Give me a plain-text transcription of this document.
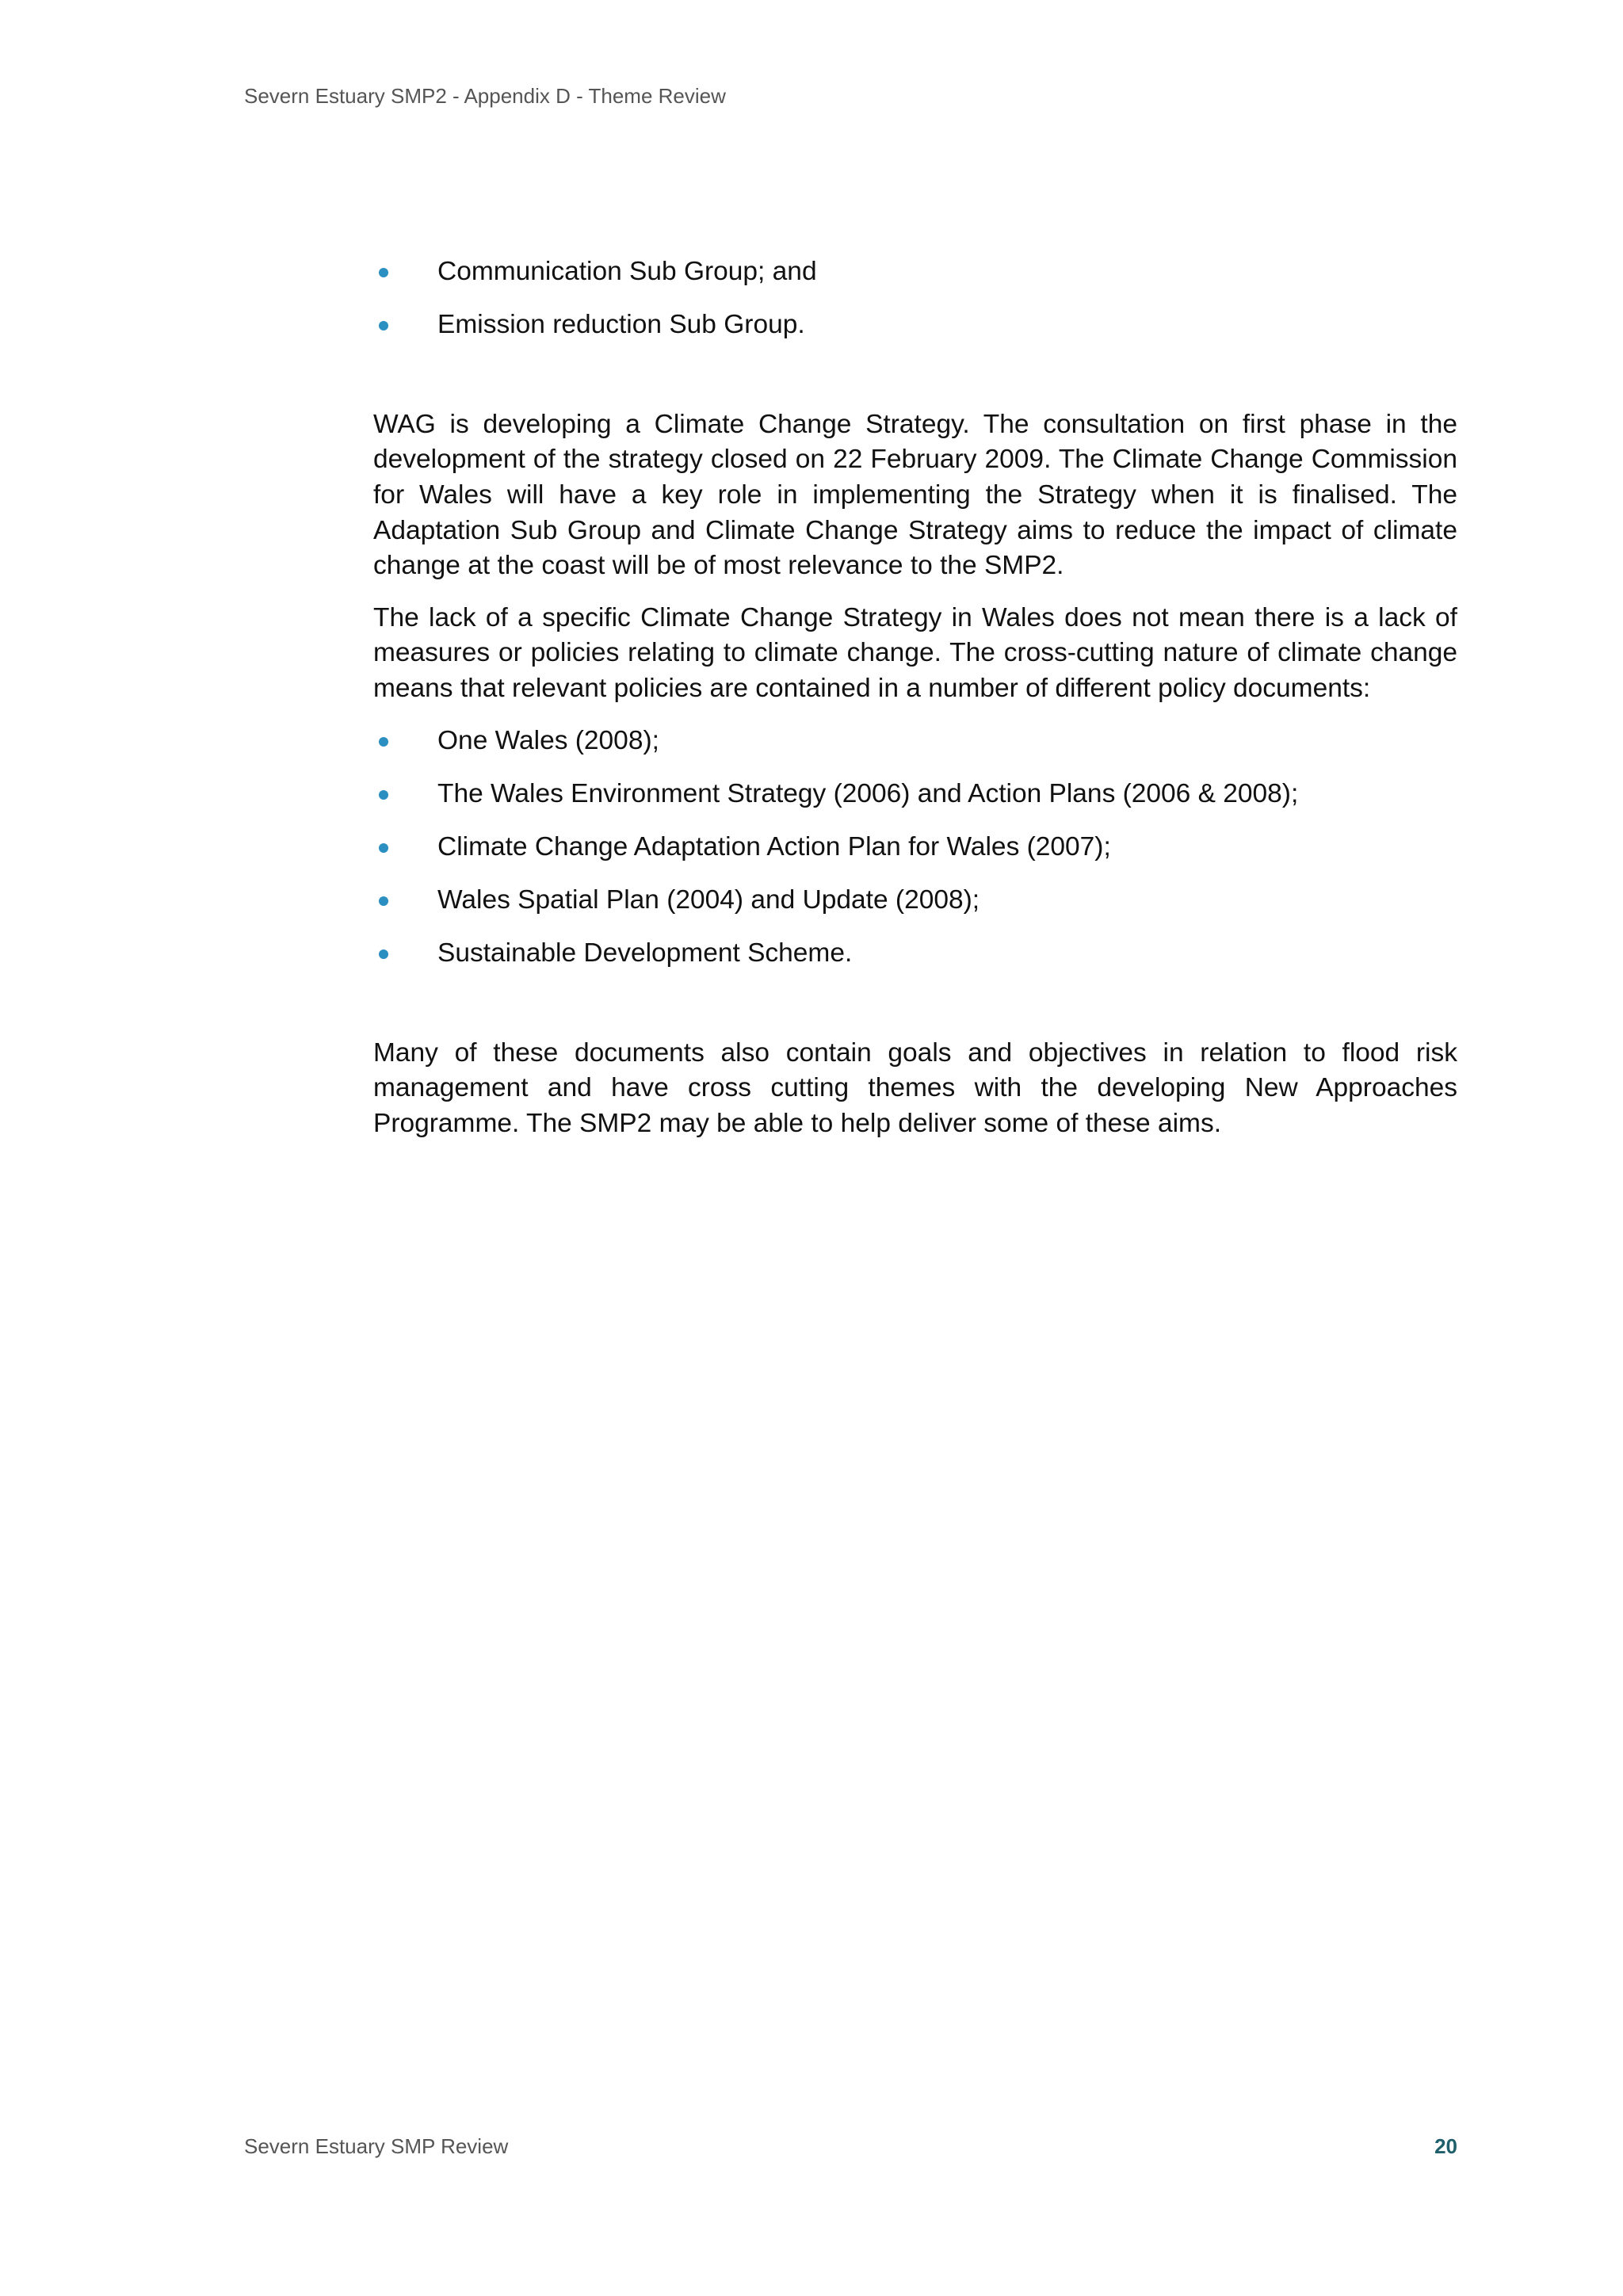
Severn Estuary SMP2 - Appendix D - Theme Review
Communication Sub Group; and
Emission reduction Sub Group.

WAG is developing a Climate Change Strategy. The consultation on first phase in the development of the strategy closed on 22 February 2009. The Climate Change Commission for Wales will have a key role in implementing the Strategy when it is finalised. The Adaptation Sub Group and Climate Change Strategy aims to reduce the impact of climate change at the coast will be of most relevance to the SMP2.

The lack of a specific Climate Change Strategy in Wales does not mean there is a lack of measures or policies relating to climate change. The cross-cutting nature of climate change means that relevant policies are contained in a number of different policy documents:

One Wales (2008);
The Wales Environment Strategy (2006) and Action Plans (2006 & 2008);
Climate Change Adaptation Action Plan for Wales (2007);
Wales Spatial Plan (2004) and Update (2008);
Sustainable Development Scheme.

Many of these documents also contain goals and objectives in relation to flood risk management and have cross cutting themes with the developing New Approaches Programme. The SMP2 may be able to help deliver some of these aims.

Severn Estuary SMP Review	20
